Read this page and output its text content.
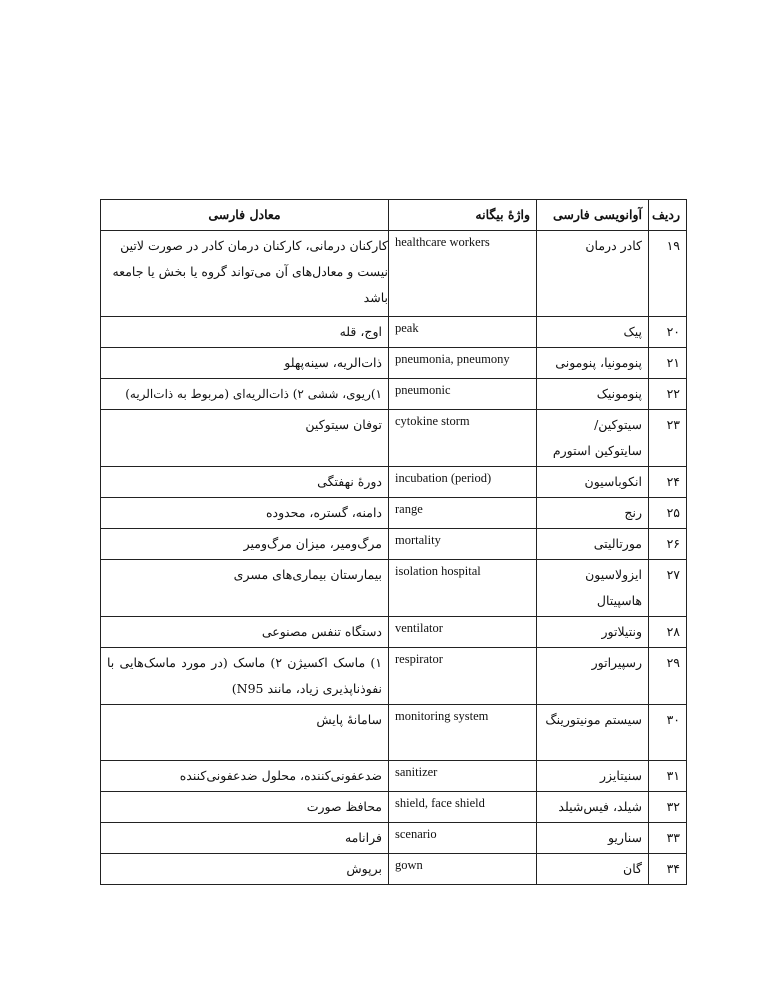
ردیف	آوانویسی فارسی	واژهٔ بیگانه	معادل فارسی
۱۹	کادر درمان	healthcare workers	کارکنان درمانی، کارکنان درمان کادر در صورت لاتین نیست و معادل‌های آن می‌تواند گروه یا بخش یا جامعه باشد
۲۰	پیک	peak	اوج، قله
۲۱	پنومونیا، پنومونی	pneumonia, pneumony	ذات‌الریه، سینه‌پهلو
۲۲	پنومونیک	pneumonic	۱)ریوی، ششی ۲) ذات‌الریه‌ای (مربوط به ذات‌الریه)
۲۳	سیتوکین/ سایتوکین استورم	cytokine storm	توفان سیتوکین
۲۴	انکوباسیون	incubation (period)	دورهٔ نهفتگی
۲۵	رنج	range	دامنه، گستره، محدوده
۲۶	مورتالیتی	mortality	مرگ‌ومیر، میزان مرگ‌ومیر
۲۷	ایزولاسیون هاسپیتال	isolation hospital	بیمارستان بیماری‌های مسری
۲۸	ونتیلاتور	ventilator	دستگاه تنفس مصنوعی
۲۹	رسپیراتور	respirator	۱) ماسک اکسیژن ۲) ماسک (در مورد ماسک‌هایی با نفوذناپذیری زیاد، مانند N95)
۳۰	سیستم مونیتورینگ	monitoring system	سامانهٔ پایش
۳۱	سنیتایزر	sanitizer	ضدعفونی‌کننده، محلول ضدعفونی‌کننده
۳۲	شیلد، فیس‌شیلد	shield, face shield	محافظ صورت
۳۳	سناریو	scenario	فرانامه
۳۴	گان	gown	برپوش
